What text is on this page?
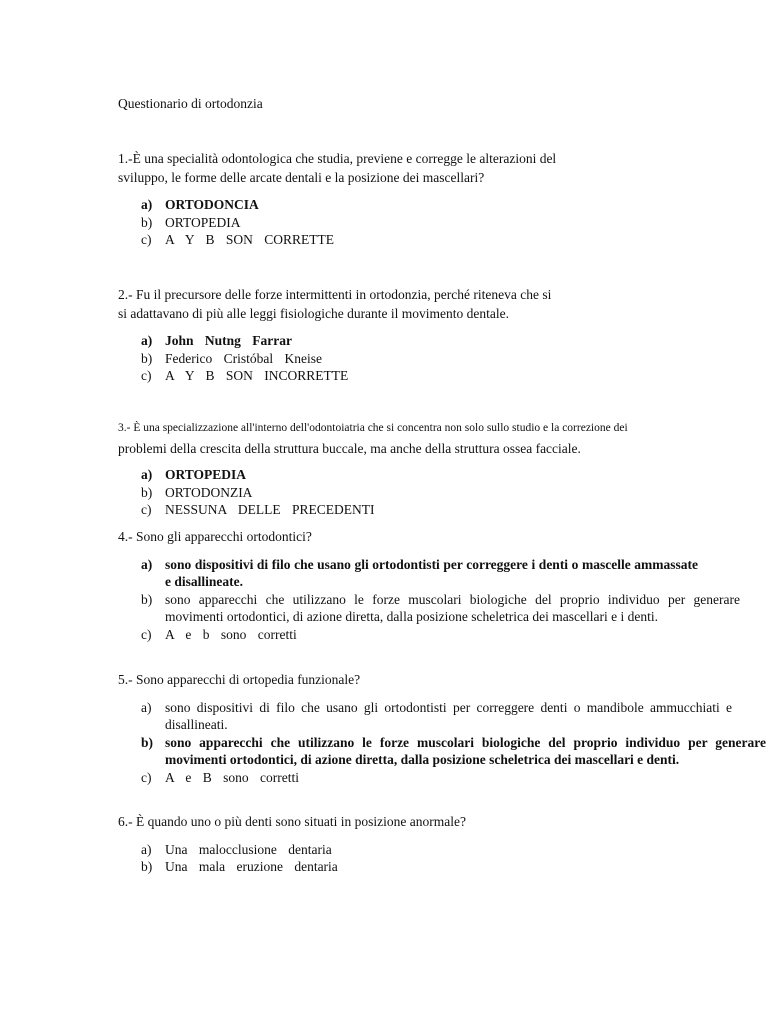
Questionario di ortodonzia

1.-È una specialità odontologica che studia, previene e corregge le alterazioni del
sviluppo, le forme delle arcate dentali e la posizione dei mascellari?

a) ORTODONCIA
b) ORTOPEDIA
c) A Y B SON CORRETTE

2.- Fu il precursore delle forze intermittenti in ortodonzia, perché riteneva che si
si adattavano di più alle leggi fisiologiche durante il movimento dentale.

a) John Nutng Farrar
b) Federico Cristóbal Kneise
c) A Y B SON INCORRETTE

3.- È una specializzazione all'interno dell'odontoiatria che si concentra non solo sullo studio e la correzione dei
problemi della crescita della struttura buccale, ma anche della struttura ossea facciale.

a) ORTOPEDIA
b) ORTODONZIA
c) NESSUNA DELLE PRECEDENTI

4.- Sono gli apparecchi ortodontici?

a) sono dispositivi di filo che usano gli ortodontisti per correggere i denti o mascelle ammassate e disallineate.
b) sono apparecchi che utilizzano le forze muscolari biologiche del proprio individuo per generare movimenti ortodontici, di azione diretta, dalla posizione scheletrica dei mascellari e i denti.
c) A e b sono corretti

5.- Sono apparecchi di ortopedia funzionale?

a) sono dispositivi di filo che usano gli ortodontisti per correggere denti o mandibole ammucchiati e disallineati.
b) sono apparecchi che utilizzano le forze muscolari biologiche del proprio individuo per generare movimenti ortodontici, di azione diretta, dalla posizione scheletrica dei mascellari e denti.
c) A e B sono corretti

6.- È quando uno o più denti sono situati in posizione anormale?

a) Una malocclusione dentaria
b) Una mala eruzione dentaria
